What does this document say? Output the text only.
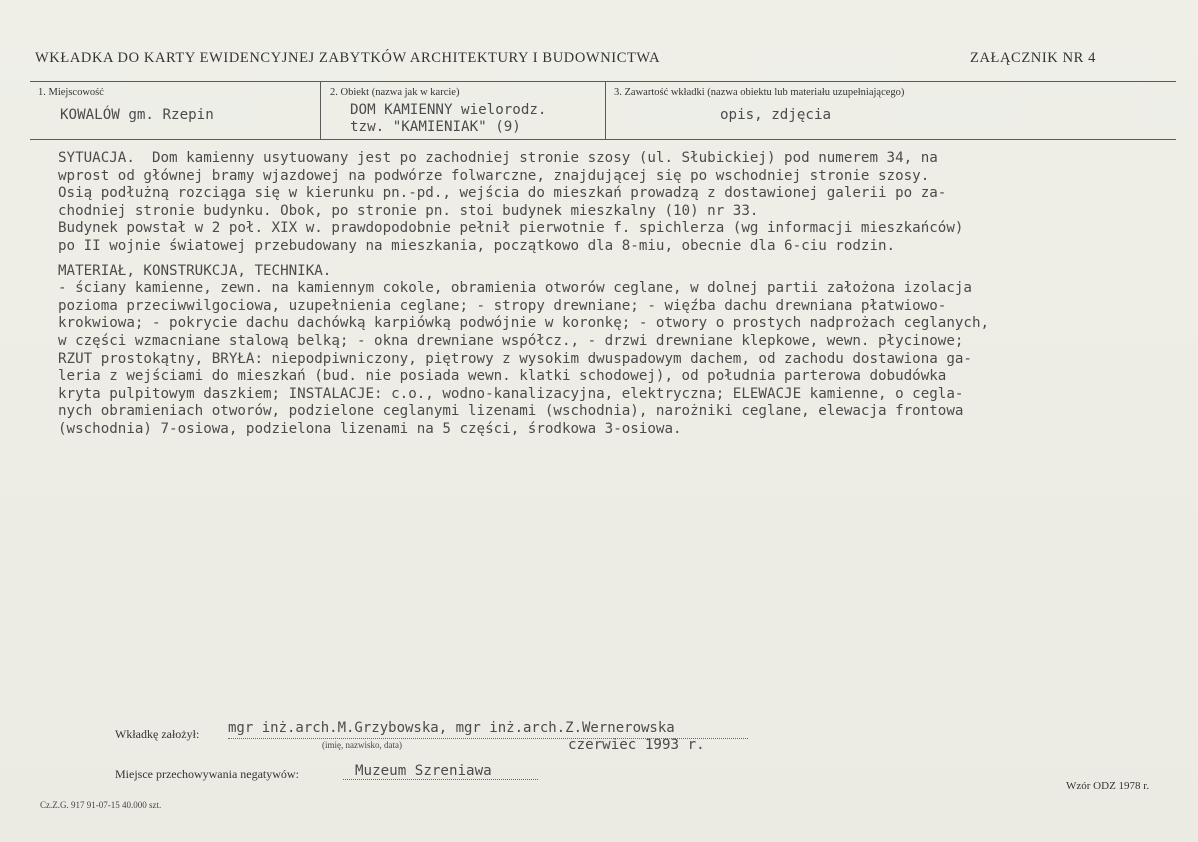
WKŁADKA DO KARTY EWIDENCYJNEJ ZABYTKÓW ARCHITEKTURY I BUDOWNICTWA	ZAŁĄCZNIK NR 4
1. Miejscowość
KOWALÓW gm. Rzepin
2. Obiekt (nazwa jak w karcie)
DOM KAMIENNY wielorodz.
tzw. "KAMIENIAK" (9)
3. Zawartość wkładki (nazwa obiektu lub materiału uzupełniającego)
opis, zdjęcia
SYTUACJA.  Dom kamienny usytuowany jest po zachodniej stronie szosy (ul. Słubickiej) pod numerem 34, na
wprost od głównej bramy wjazdowej na podwórze folwarczne, znajdującej się po wschodniej stronie szosy.
Osią podłużną rozciąga się w kierunku pn.-pd., wejścia do mieszkań prowadzą z dostawionej galerii po za-
chodniej stronie budynku. Obok, po stronie pn. stoi budynek mieszkalny (10) nr 33.
Budynek powstał w 2 poł. XIX w. prawdopodobnie pełnił pierwotnie f. spichlerza (wg informacji mieszkańców)
po II wojnie światowej przebudowany na mieszkania, początkowo dla 8-miu, obecnie dla 6-ciu rodzin.
MATERIAŁ, KONSTRUKCJA, TECHNIKA.
- ściany kamienne, zewn. na kamiennym cokole, obramienia otworów ceglane, w dolnej partii założona izolacja
pozioma przeciwwilgociowa, uzupełnienia ceglane; - stropy drewniane; - więźba dachu drewniana płatwiowo-
krokwiowa; - pokrycie dachu dachówką karpiówką podwójnie w koronkę; - otwory o prostych nadprożach ceglanych,
w części wzmacniane stalową belką; - okna drewniane współcz., - drzwi drewniane klepkowe, wewn. płycinowe;
RZUT prostokątny, BRYŁA: niepodpiwniczony, piętrowy z wysokim dwuspadowym dachem, od zachodu dostawiona ga-
leria z wejściami do mieszkań (bud. nie posiada wewn. klatki schodowej), od południa parterowa dobudówka
kryta pulpitowym daszkiem; INSTALACJE: c.o., wodno-kanalizacyjna, elektryczna; ELEWACJE kamienne, o cegla-
nych obramieniach otworów, podzielone ceglanymi lizenami (wschodnia), narożniki ceglane, elewacja frontowa
(wschodnia) 7-osiowa, podzielona lizenami na 5 części, środkowa 3-osiowa.
Wkładkę założył: mgr inż.arch.M.Grzybowska, mgr inż.arch.Z.Wernerowska
(imię, nazwisko, data)	czerwiec 1993 r.
Miejsce przechowywania negatywów:	Muzeum Szreniawa
Cz.Z.G. 917 91-07-15 40.000 szt.
Wzór ODZ 1978 r.
